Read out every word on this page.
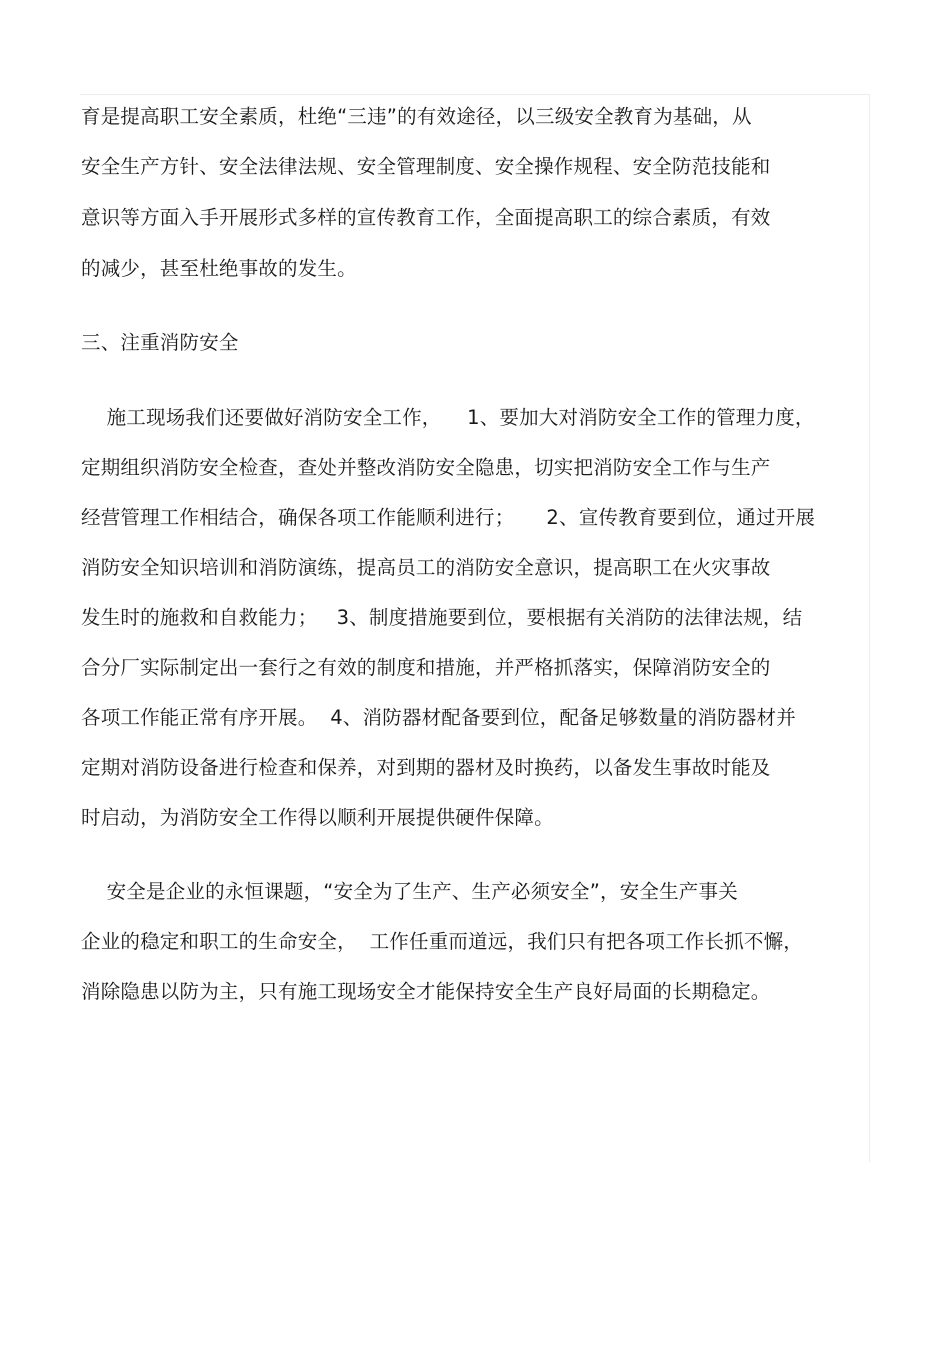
育是提高职工安全素质，杜绝“三违”的有效途径，以三级安全教育为基础，从
安全生产方针、安全法律法规、安全管理制度、安全操作规程、安全防范技能和
意识等方面入手开展形式多样的宣传教育工作，全面提高职工的综合素质，有效
的减少，甚至杜绝事故的发生。
三、注重消防安全
施工现场我们还要做好消防安全工作，    1、要加大对消防安全工作的管理力度，
定期组织消防安全检查，查处并整改消防安全隐患，切实把消防安全工作与生产
经营管理工作相结合，确保各项工作能顺利进行；     2、宣传教育要到位，通过开展
消防安全知识培训和消防演练，提高员工的消防安全意识，提高职工在火灾事故
发生时的施救和自救能力；   3、制度措施要到位，要根据有关消防的法律法规，结
合分厂实际制定出一套行之有效的制度和措施，并严格抓落实，保障消防安全的
各项工作能正常有序开展。  4、消防器材配备要到位，配备足够数量的消防器材并
定期对消防设备进行检查和保养，对到期的器材及时换药，以备发生事故时能及
时启动，为消防安全工作得以顺利开展提供硬件保障。
安全是企业的永恒课题，“安全为了生产、生产必须安全”，安全生产事关
企业的稳定和职工的生命安全，  工作任重而道远，我们只有把各项工作长抓不懈，
消除隐患以防为主，只有施工现场安全才能保持安全生产良好局面的长期稳定。
